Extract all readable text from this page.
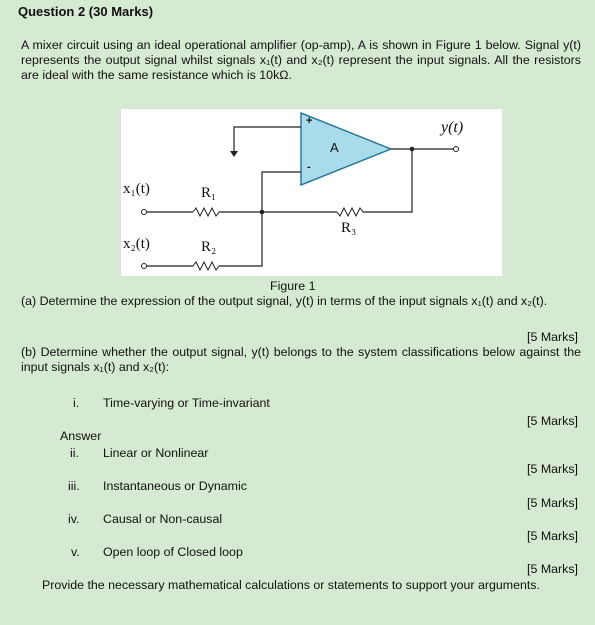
Question 2 (30 Marks)
A mixer circuit using an ideal operational amplifier (op-amp), A is shown in Figure 1 below. Signal y(t) represents the output signal whilst signals x₁(t) and x₂(t) represent the input signals. All the resistors are ideal with the same resistance which is 10kΩ.
+
-
A
y(t)
x₁(t)
x₂(t)
R₁
R₂
R₃
Figure 1
(a) Determine the expression of the output signal, y(t) in terms of the input signals x₁(t) and x₂(t).
[5 Marks]
(b) Determine whether the output signal, y(t) belongs to the system classifications below against the input signals x₁(t) and x₂(t):
i. Time-varying or Time-invariant
[5 Marks]
Answer
ii. Linear or Nonlinear
[5 Marks]
iii. Instantaneous or Dynamic
[5 Marks]
iv. Causal or Non-causal
[5 Marks]
v. Open loop of Closed loop
[5 Marks]
Provide the necessary mathematical calculations or statements to support your arguments.
